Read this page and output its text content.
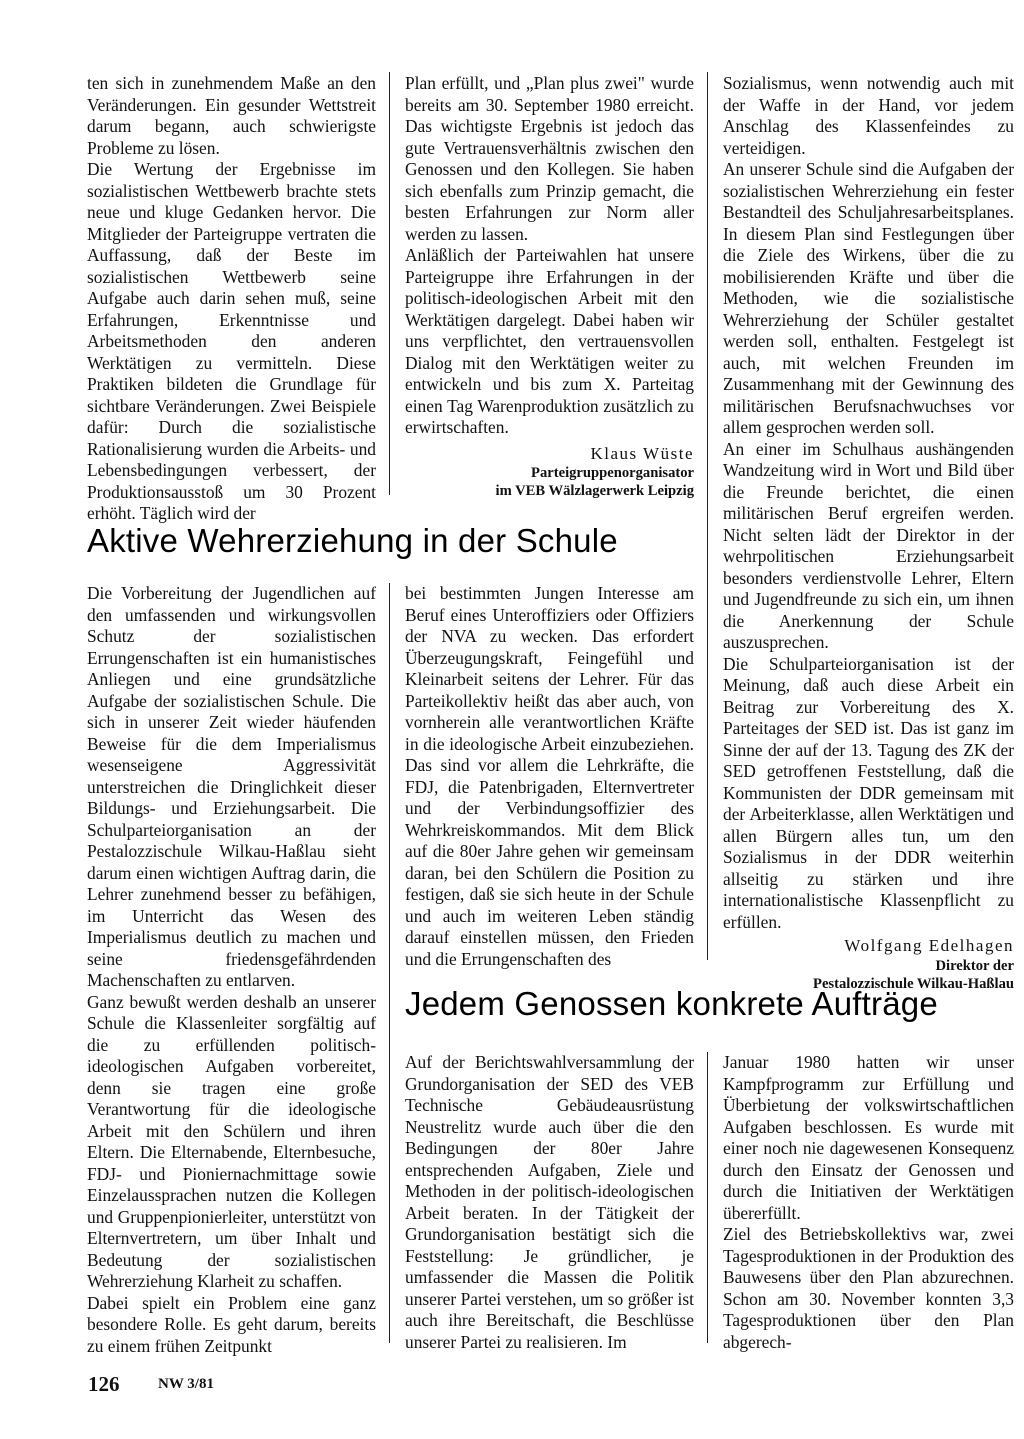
ten sich in zunehmendem Maße an den Veränderungen. Ein gesunder Wettstreit darum begann, auch schwierigste Probleme zu lösen.

Die Wertung der Ergebnisse im sozialistischen Wettbewerb brachte stets neue und kluge Gedanken hervor. Die Mitglieder der Parteigruppe vertraten die Auffassung, daß der Beste im sozialistischen Wettbewerb seine Aufgabe auch darin sehen muß, seine Erfahrungen, Erkenntnisse und Arbeitsmethoden den anderen Werktätigen zu vermitteln. Diese Praktiken bildeten die Grundlage für sichtbare Veränderungen. Zwei Beispiele dafür: Durch die sozialistische Rationalisierung wurden die Arbeits- und Lebensbedingungen verbessert, der Produktionsausstoß um 30 Prozent erhöht. Täglich wird der

Plan erfüllt, und „Plan plus zwei" wurde bereits am 30. September 1980 erreicht. Das wichtigste Ergebnis ist jedoch das gute Vertrauensverhältnis zwischen den Genossen und den Kollegen. Sie haben sich ebenfalls zum Prinzip gemacht, die besten Erfahrungen zur Norm aller werden zu lassen.

Anläßlich der Parteiwahlen hat unsere Parteigruppe ihre Erfahrungen in der politisch-ideologischen Arbeit mit den Werktätigen dargelegt. Dabei haben wir uns verpflichtet, den vertrauensvollen Dialog mit den Werktätigen weiter zu entwickeln und bis zum X. Parteitag einen Tag Warenproduktion zusätzlich zu erwirtschaften.

Klaus Wüste
Parteigruppenorganisator
im VEB Wälzlagerwerk Leipzig
Aktive Wehrerziehung in der Schule

Die Vorbereitung der Jugendlichen auf den umfassenden und wirkungsvollen Schutz der sozialistischen Errungenschaften ist ein humanistisches Anliegen und eine grundsätzliche Aufgabe der sozialistischen Schule. Die sich in unserer Zeit wieder häufenden Beweise für die dem Imperialismus wesenseigene Aggressivität unterstreichen die Dringlichkeit dieser Bildungs- und Erziehungsarbeit. Die Schulparteiorganisation an der Pestalozzischule Wilkau-Haßlau sieht darum einen wichtigen Auftrag darin, die Lehrer zunehmend besser zu befähigen, im Unterricht das Wesen des Imperialismus deutlich zu machen und seine friedensgefährdenden Machenschaften zu entlarven.

Ganz bewußt werden deshalb an unserer Schule die Klassenleiter sorgfältig auf die zu erfüllenden politisch-ideologischen Aufgaben vorbereitet, denn sie tragen eine große Verantwortung für die ideologische Arbeit mit den Schülern und ihren Eltern. Die Elternabende, Elternbesuche, FDJ- und Pioniernachmittage sowie Einzelaussprachen nutzen die Kollegen und Gruppenpionierleiter, unterstützt von Elternvertretern, um über Inhalt und Bedeutung der sozialistischen Wehrerziehung Klarheit zu schaffen.

Dabei spielt ein Problem eine ganz besondere Rolle. Es geht darum, bereits zu einem frühen Zeitpunkt

bei bestimmten Jungen Interesse am Beruf eines Unteroffiziers oder Offiziers der NVA zu wecken. Das erfordert Überzeugungskraft, Feingefühl und Kleinarbeit seitens der Lehrer. Für das Parteikollektiv heißt das aber auch, von vornherein alle verantwortlichen Kräfte in die ideologische Arbeit einzubeziehen. Das sind vor allem die Lehrkräfte, die FDJ, die Patenbrigaden, Elternvertreter und der Verbindungsoffizier des Wehrkreiskommandos. Mit dem Blick auf die 80er Jahre gehen wir gemeinsam daran, bei den Schülern die Position zu festigen, daß sie sich heute in der Schule und auch im weiteren Leben ständig darauf einstellen müssen, den Frieden und die Errungenschaften des

Sozialismus, wenn notwendig auch mit der Waffe in der Hand, vor jedem Anschlag des Klassenfeindes zu verteidigen.

An unserer Schule sind die Aufgaben der sozialistischen Wehrerziehung ein fester Bestandteil des Schuljahresarbeitsplanes. In diesem Plan sind Festlegungen über die Ziele des Wirkens, über die zu mobilisierenden Kräfte und über die Methoden, wie die sozialistische Wehrerziehung der Schüler gestaltet werden soll, enthalten. Festgelegt ist auch, mit welchen Freunden im Zusammenhang mit der Gewinnung des militärischen Berufsnachwuchses vor allem gesprochen werden soll.

An einer im Schulhaus aushängenden Wandzeitung wird in Wort und Bild über die Freunde berichtet, die einen militärischen Beruf ergreifen werden. Nicht selten lädt der Direktor in der wehrpolitischen Erziehungsarbeit besonders verdienstvolle Lehrer, Eltern und Jugendfreunde zu sich ein, um ihnen die Anerkennung der Schule auszusprechen.

Die Schulparteiorganisation ist der Meinung, daß auch diese Arbeit ein Beitrag zur Vorbereitung des X. Parteitages der SED ist. Das ist ganz im Sinne der auf der 13. Tagung des ZK der SED getroffenen Feststellung, daß die Kommunisten der DDR gemeinsam mit der Arbeiterklasse, allen Werktätigen und allen Bürgern alles tun, um den Sozialismus in der DDR weiterhin allseitig zu stärken und ihre internationalistische Klassenpflicht zu erfüllen.

Wolfgang Edelhagen
Direktor der
Pestalozzischule Wilkau-Haßlau
Jedem Genossen konkrete Aufträge

Auf der Berichtswahlversammlung der Grundorganisation der SED des VEB Technische Gebäudeausrüstung Neustrelitz wurde auch über die den Bedingungen der 80er Jahre entsprechenden Aufgaben, Ziele und Methoden in der politisch-ideologischen Arbeit beraten. In der Tätigkeit der Grundorganisation bestätigt sich die Feststellung: Je gründlicher, je umfassender die Massen die Politik unserer Partei verstehen, um so größer ist auch ihre Bereitschaft, die Beschlüsse unserer Partei zu realisieren. Im

Januar 1980 hatten wir unser Kampfprogramm zur Erfüllung und Überbietung der volkswirtschaftlichen Aufgaben beschlossen. Es wurde mit einer noch nie dagewesenen Konsequenz durch den Einsatz der Genossen und durch die Initiativen der Werktätigen übererfüllt.

Ziel des Betriebskollektivs war, zwei Tagesproduktionen in der Produktion des Bauwesens über den Plan abzurechnen. Schon am 30. November konnten 3,3 Tagesproduktionen über den Plan abgerech-

126	NW 3/81
